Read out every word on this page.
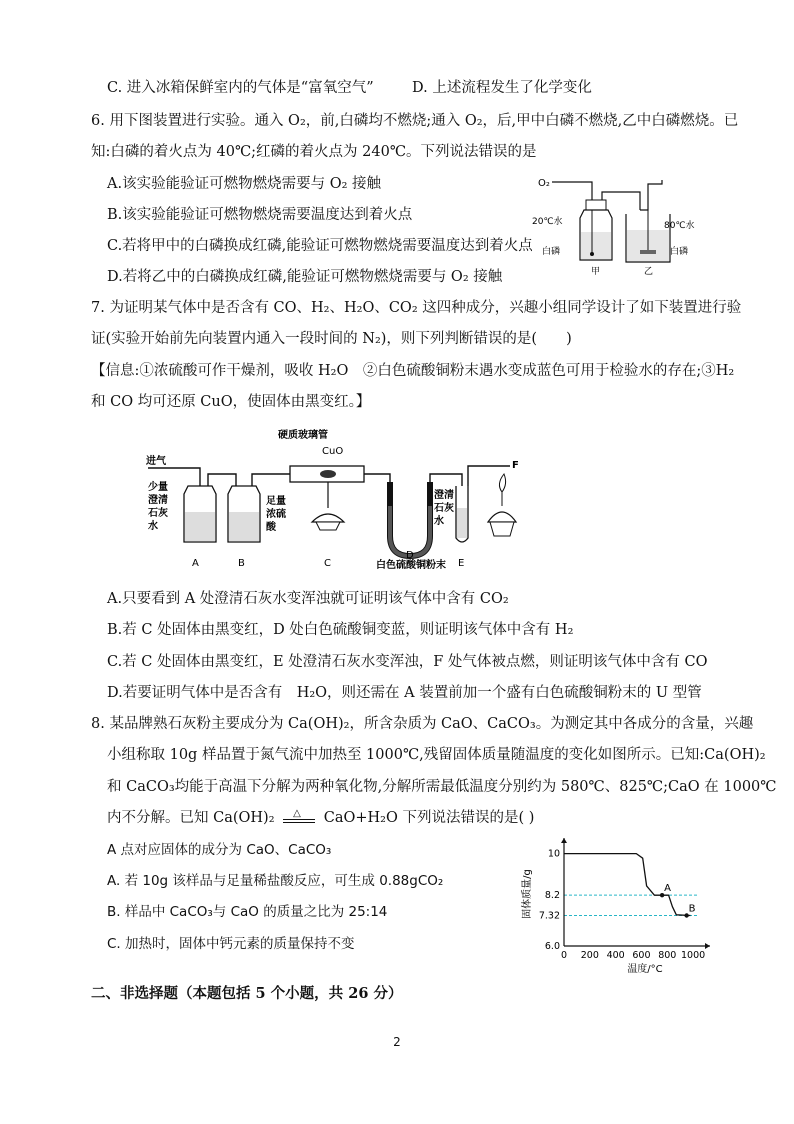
C. 进入冰箱保鲜室内的气体是“富氧空气”	D. 上述流程发生了化学变化
6. 用下图装置进行实验。通入 O₂，前,白磷均不燃烧;通入 O₂，后,甲中白磷不燃烧,乙中白磷燃烧。已
知:白磷的着火点为 40℃;红磷的着火点为 240℃。下列说法错误的是
A.该实验能验证可燃物燃烧需要与 O₂ 接触
B.该实验能验证可燃物燃烧需要温度达到着火点
C.若将甲中的白磷换成红磷,能验证可燃物燃烧需要温度达到着火点
D.若将乙中的白磷换成红磷,能验证可燃物燃烧需要与 O₂ 接触
O₂
20℃水	80℃水
白磷	白磷
甲	乙
7. 为证明某气体中是否含有 CO、H₂、H₂O、CO₂ 这四种成分，兴趣小组同学设计了如下装置进行验
证(实验开始前先向装置内通入一段时间的 N₂)，则下列判断错误的是(　　)
【信息:①浓硫酸可作干燥剂，吸收 H₂O　②白色硫酸铜粉末遇水变成蓝色可用于检验水的存在;③H₂
和 CO 均可还原 CuO，使固体由黑变红。】
进气
少量
澄清
石灰
水
足量
浓硫
酸
硬质玻璃管
CuO
白色硫酸铜粉末
澄清
石灰
水
F
A	B	C
D
E
A.只要看到 A 处澄清石灰水变浑浊就可证明该气体中含有 CO₂
B.若 C 处固体由黑变红，D 处白色硫酸铜变蓝，则证明该气体中含有 H₂
C.若 C 处固体由黑变红，E 处澄清石灰水变浑浊，F 处气体被点燃，则证明该气体中含有 CO
D.若要证明气体中是否含有　H₂O，则还需在 A 装置前加一个盛有白色硫酸铜粉末的 U 型管
8. 某品牌熟石灰粉主要成分为 Ca(OH)₂，所含杂质为 CaO、CaCO₃。为测定其中各成分的含量，兴趣
小组称取 10g 样品置于氮气流中加热至 1000℃,残留固体质量随温度的变化如图所示。已知:Ca(OH)₂
和 CaCO₃均能于高温下分解为两种氧化物,分解所需最低温度分别约为 580℃、825℃;CaO 在 1000℃
内不分解。已知 Ca(OH)₂ △ CaO+H₂O 下列说法错误的是( )
A 点对应固体的成分为 CaO、CaCO₃
A. 若 10g 该样品与足量稀盐酸反应，可生成 0.88gCO₂
B. 样品中 CaCO₃与 CaO 的质量之比为 25:14
C. 加热时，固体中钙元素的质量保持不变
0 200 400 600 800 1000
6.0
7.32
8.2
10
A
B
温度/°C
固体质量/g
二、非选择题（本题包括 5 个小题，共 26 分）
2
